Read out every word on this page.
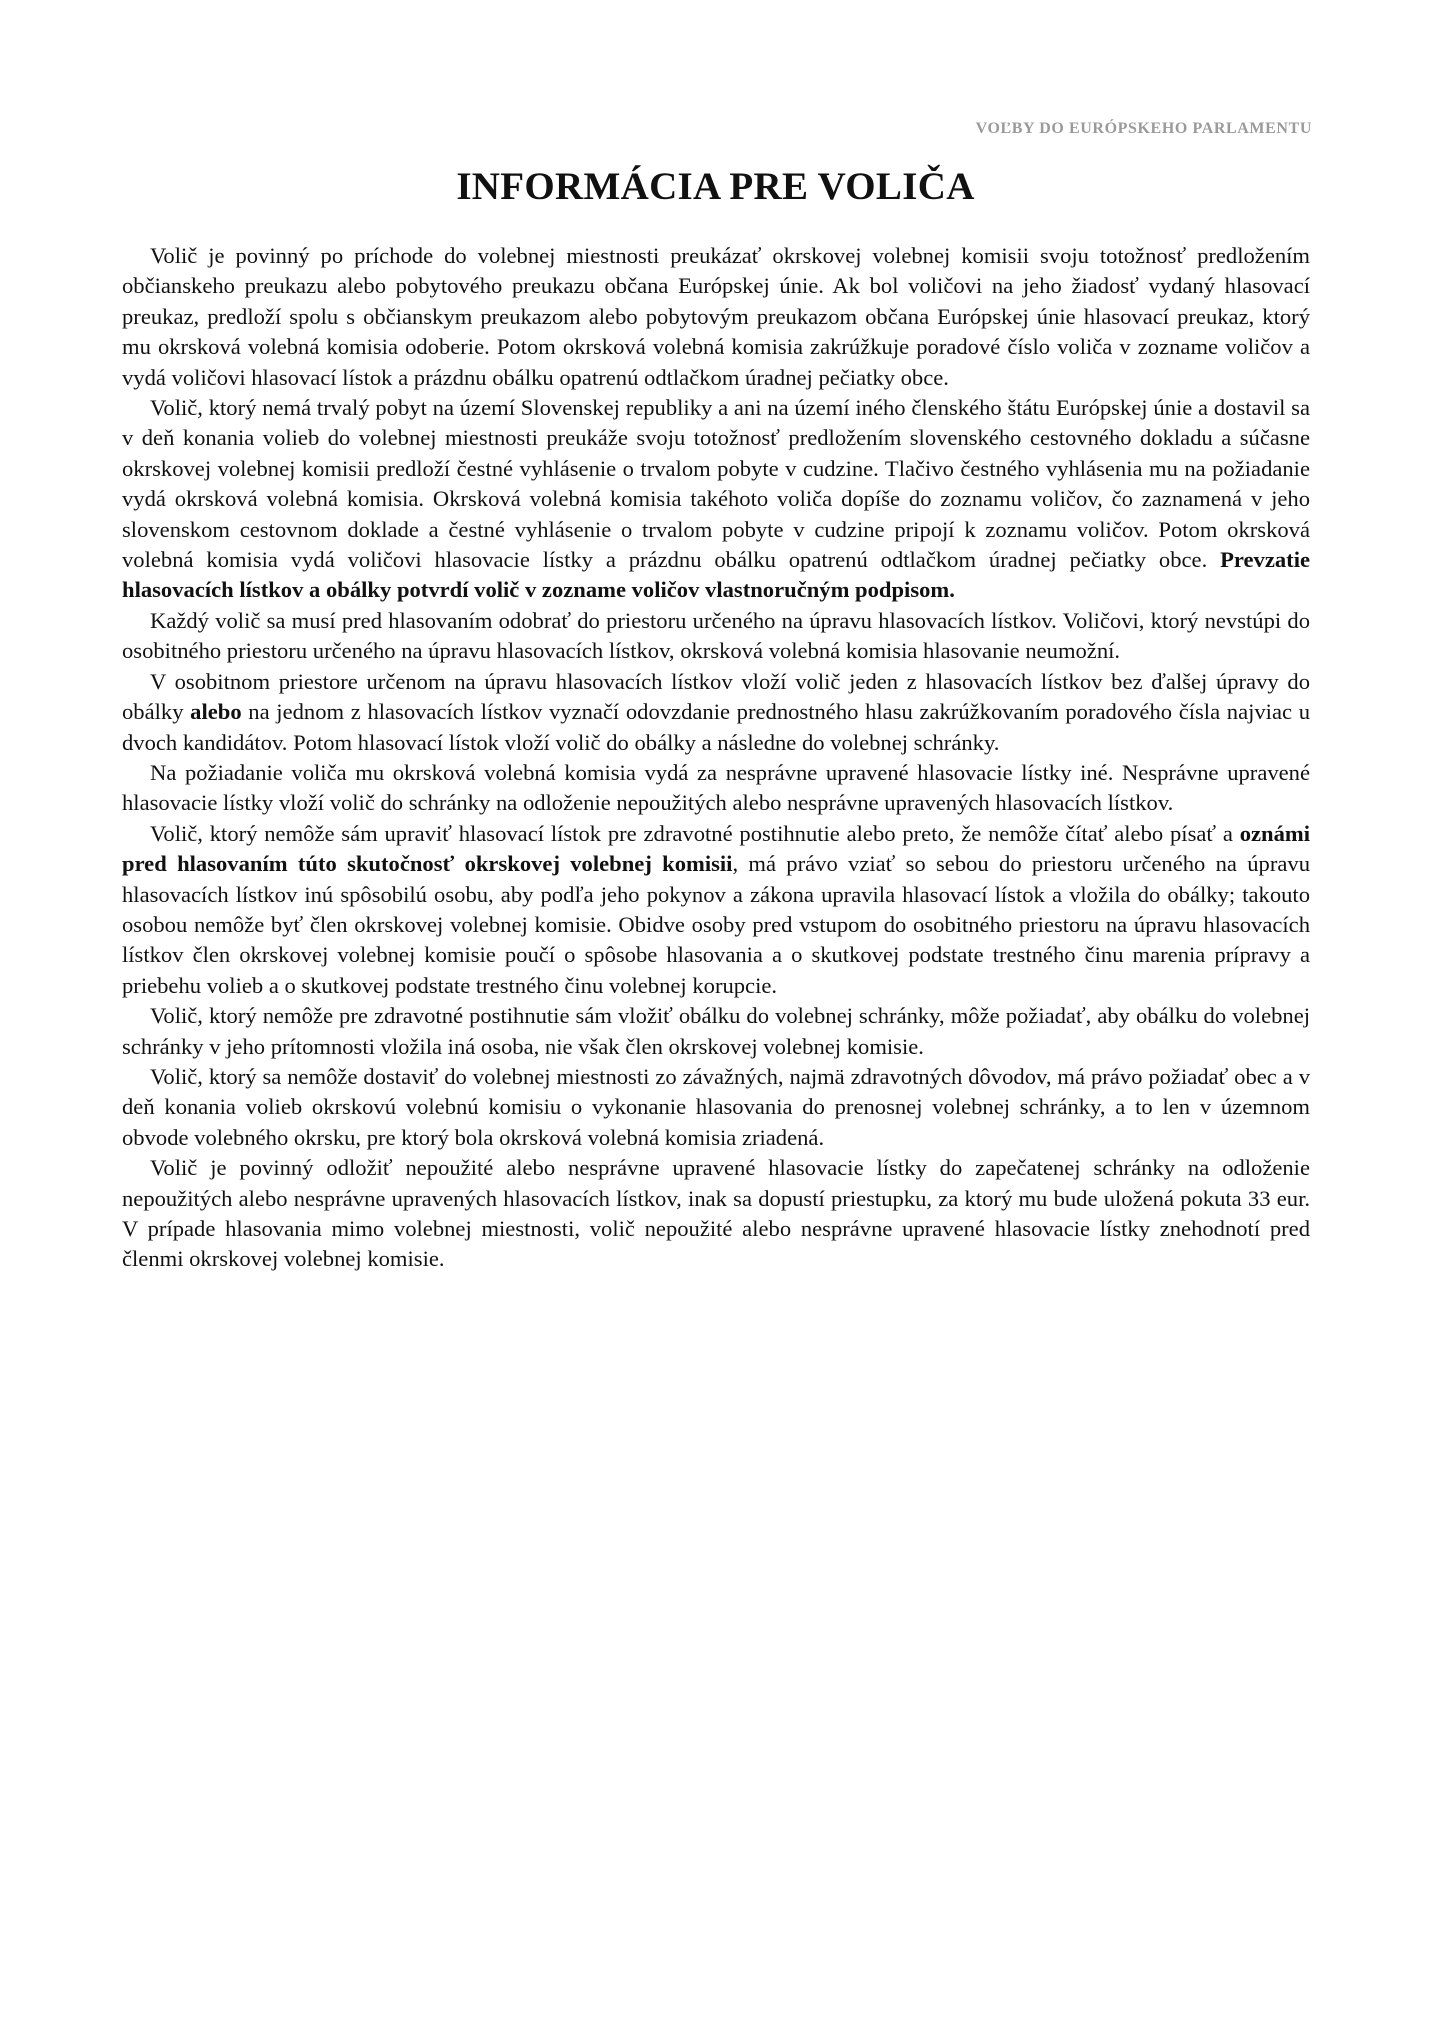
VOĽBY DO EURÓPSKEHO PARLAMENTU
INFORMÁCIA PRE VOLIČA

Volič je povinný po príchode do volebnej miestnosti preukázať okrskovej volebnej komisii svoju totožnosť predložením občianskeho preukazu alebo pobytového preukazu občana Európskej únie. Ak bol voličovi na jeho žiadosť vydaný hlasovací preukaz, predloží spolu s občianskym preukazom alebo pobytovým preukazom občana Európskej únie hlasovací preukaz, ktorý mu okrsková volebná komisia odoberie. Potom okrsková volebná komisia zakrúžkuje poradové číslo voliča v zozname voličov a vydá voličovi hlasovací lístok a prázdnu obálku opatrenú odtlačkom úradnej pečiatky obce.

Volič, ktorý nemá trvalý pobyt na území Slovenskej republiky a ani na území iného členského štátu Európskej únie a dostavil sa v deň konania volieb do volebnej miestnosti preukáže svoju totožnosť predložením slovenského cestovného dokladu a súčasne okrskovej volebnej komisii predloží čestné vyhlásenie o trvalom pobyte v cudzine. Tlačivo čestného vyhlásenia mu na požiadanie vydá okrsková volebná komisia. Okrsková volebná komisia takéhoto voliča dopíše do zoznamu voličov, čo zaznamená v jeho slovenskom cestovnom doklade a čestné vyhlásenie o trvalom pobyte v cudzine pripojí k zoznamu voličov. Potom okrsková volebná komisia vydá voličovi hlasovacie lístky a prázdnu obálku opatrenú odtlačkom úradnej pečiatky obce. Prevzatie hlasovacích lístkov a obálky potvrdí volič v zozname voličov vlastnoručným podpisom.

Každý volič sa musí pred hlasovaním odobrať do priestoru určeného na úpravu hlasovacích lístkov. Voličovi, ktorý nevstúpi do osobitného priestoru určeného na úpravu hlasovacích lístkov, okrsková volebná komisia hlasovanie neumožní.

V osobitnom priestore určenom na úpravu hlasovacích lístkov vloží volič jeden z hlasovacích lístkov bez ďalšej úpravy do obálky alebo na jednom z hlasovacích lístkov vyznačí odovzdanie prednostného hlasu zakrúžkovaním poradového čísla najviac u dvoch kandidátov. Potom hlasovací lístok vloží volič do obálky a následne do volebnej schránky.

Na požiadanie voliča mu okrsková volebná komisia vydá za nesprávne upravené hlasovacie lístky iné. Nesprávne upravené hlasovacie lístky vloží volič do schránky na odloženie nepoužitých alebo nesprávne upravených hlasovacích lístkov.

Volič, ktorý nemôže sám upraviť hlasovací lístok pre zdravotné postihnutie alebo preto, že nemôže čítať alebo písať a oznámi pred hlasovaním túto skutočnosť okrskovej volebnej komisii, má právo vziať so sebou do priestoru určeného na úpravu hlasovacích lístkov inú spôsobilú osobu, aby podľa jeho pokynov a zákona upravila hlasovací lístok a vložila do obálky; takouto osobou nemôže byť člen okrskovej volebnej komisie. Obidve osoby pred vstupom do osobitného priestoru na úpravu hlasovacích lístkov člen okrskovej volebnej komisie poučí o spôsobe hlasovania a o skutkovej podstate trestného činu marenia prípravy a priebehu volieb a o skutkovej podstate trestného činu volebnej korupcie.

Volič, ktorý nemôže pre zdravotné postihnutie sám vložiť obálku do volebnej schránky, môže požiadať, aby obálku do volebnej schránky v jeho prítomnosti vložila iná osoba, nie však člen okrskovej volebnej komisie.

Volič, ktorý sa nemôže dostaviť do volebnej miestnosti zo závažných, najmä zdravotných dôvodov, má právo požiadať obec a v deň konania volieb okrskovú volebnú komisiu o vykonanie hlasovania do prenosnej volebnej schránky, a to len v územnom obvode volebného okrsku, pre ktorý bola okrsková volebná komisia zriadená.

Volič je povinný odložiť nepoužité alebo nesprávne upravené hlasovacie lístky do zapečatenej schránky na odloženie nepoužitých alebo nesprávne upravených hlasovacích lístkov, inak sa dopustí priestupku, za ktorý mu bude uložená pokuta 33 eur. V prípade hlasovania mimo volebnej miestnosti, volič nepoužité alebo nesprávne upravené hlasovacie lístky znehodnotí pred členmi okrskovej volebnej komisie.
